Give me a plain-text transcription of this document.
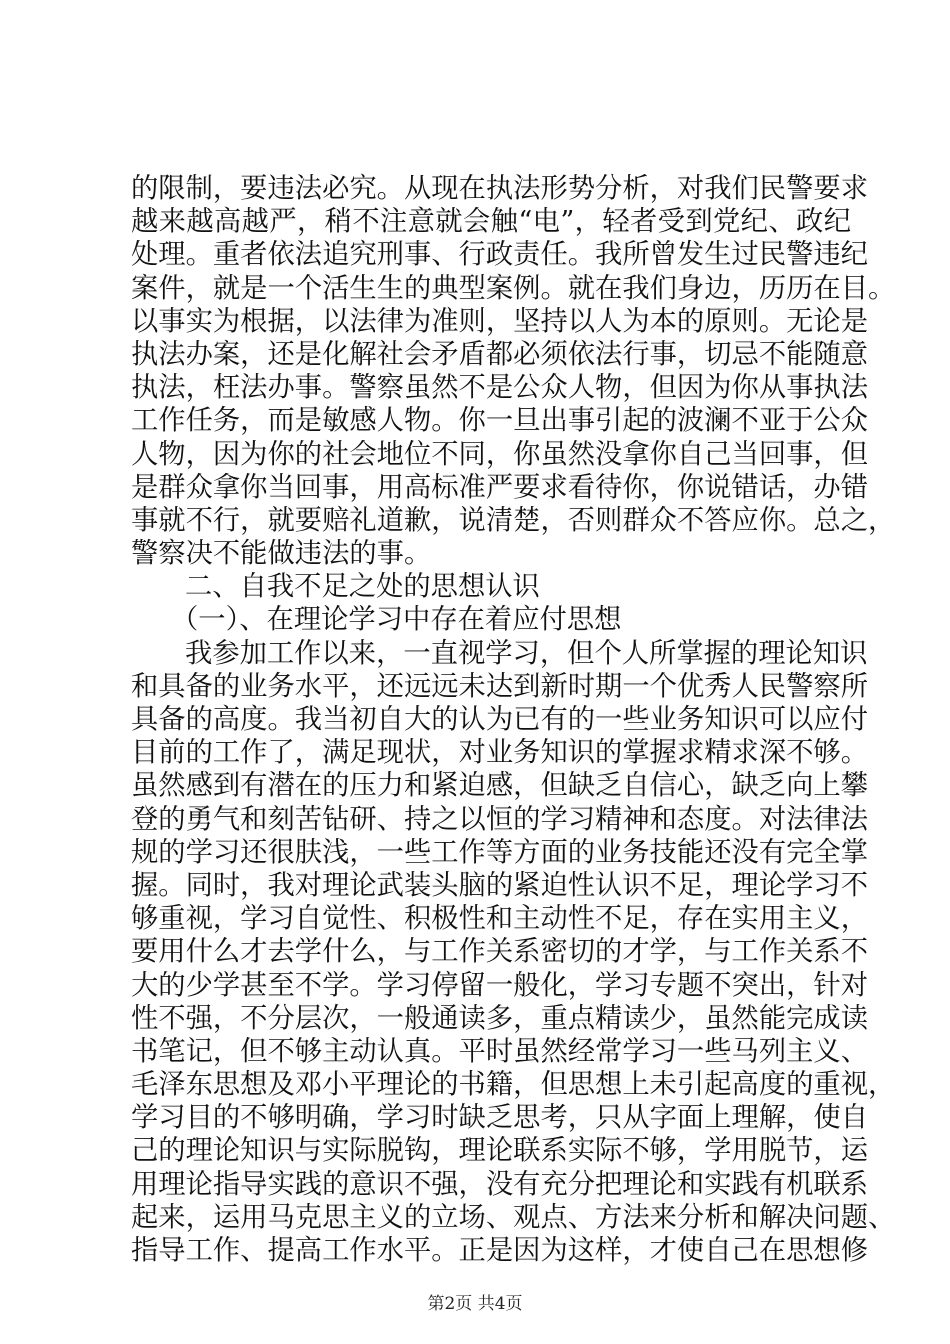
的限制，要违法必究。从现在执法形势分析，对我们民警要求
越来越高越严，稍不注意就会触“电”，轻者受到党纪、政纪
处理。重者依法追究刑事、行政责任。我所曾发生过民警违纪
案件，就是一个活生生的典型案例。就在我们身边，历历在目。
以事实为根据，以法律为准则，坚持以人为本的原则。无论是
执法办案，还是化解社会矛盾都必须依法行事，切忌不能随意
执法，枉法办事。警察虽然不是公众人物，但因为你从事执法
工作任务，而是敏感人物。你一旦出事引起的波澜不亚于公众
人物，因为你的社会地位不同，你虽然没拿你自己当回事，但
是群众拿你当回事，用高标准严要求看待你，你说错话，办错
事就不行，就要赔礼道歉，说清楚，否则群众不答应你。总之，
警察决不能做违法的事。
二、自我不足之处的思想认识
（一）、在理论学习中存在着应付思想
我参加工作以来，一直视学习，但个人所掌握的理论知识
和具备的业务水平，还远远未达到新时期一个优秀人民警察所
具备的高度。我当初自大的认为已有的一些业务知识可以应付
目前的工作了，满足现状，对业务知识的掌握求精求深不够。
虽然感到有潜在的压力和紧迫感，但缺乏自信心，缺乏向上攀
登的勇气和刻苦钻研、持之以恒的学习精神和态度。对法律法
规的学习还很肤浅，一些工作等方面的业务技能还没有完全掌
握。同时，我对理论武装头脑的紧迫性认识不足，理论学习不
够重视，学习自觉性、积极性和主动性不足，存在实用主义，
要用什么才去学什么，与工作关系密切的才学，与工作关系不
大的少学甚至不学。学习停留一般化，学习专题不突出，针对
性不强，不分层次，一般通读多，重点精读少，虽然能完成读
书笔记，但不够主动认真。平时虽然经常学习一些马列主义、
毛泽东思想及邓小平理论的书籍，但思想上未引起高度的重视，
学习目的不够明确，学习时缺乏思考，只从字面上理解，使自
己的理论知识与实际脱钩，理论联系实际不够，学用脱节，运
用理论指导实践的意识不强，没有充分把理论和实践有机联系
起来，运用马克思主义的立场、观点、方法来分析和解决问题、
指导工作、提高工作水平。正是因为这样，才使自己在思想修
第2页 共4页
